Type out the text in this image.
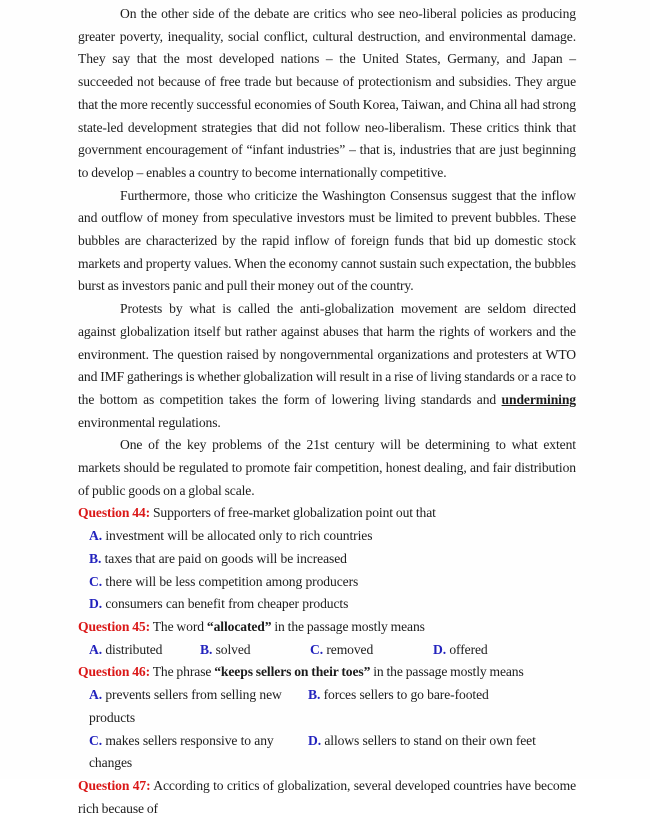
On the other side of the debate are critics who see neo-liberal policies as producing greater poverty, inequality, social conflict, cultural destruction, and environmental damage. They say that the most developed nations – the United States, Germany, and Japan – succeeded not because of free trade but because of protectionism and subsidies. They argue that the more recently successful economies of South Korea, Taiwan, and China all had strong state-led development strategies that did not follow neo-liberalism. These critics think that government encouragement of “infant industries” – that is, industries that are just beginning to develop – enables a country to become internationally competitive.

Furthermore, those who criticize the Washington Consensus suggest that the inflow and outflow of money from speculative investors must be limited to prevent bubbles. These bubbles are characterized by the rapid inflow of foreign funds that bid up domestic stock markets and property values. When the economy cannot sustain such expectation, the bubbles burst as investors panic and pull their money out of the country.

Protests by what is called the anti-globalization movement are seldom directed against globalization itself but rather against abuses that harm the rights of workers and the environment. The question raised by nongovernmental organizations and protesters at WTO and IMF gatherings is whether globalization will result in a rise of living standards or a race to the bottom as competition takes the form of lowering living standards and undermining environmental regulations.

One of the key problems of the 21st century will be determining to what extent markets should be regulated to promote fair competition, honest dealing, and fair distribution of public goods on a global scale.

Question 44: Supporters of free-market globalization point out that

A. investment will be allocated only to rich countries
B. taxes that are paid on goods will be increased
C. there will be less competition among producers
D. consumers can benefit from cheaper products

Question 45: The word “allocated” in the passage mostly means

A. distributed	B. solved	C. removed	D. offered

Question 46: The phrase “keeps sellers on their toes” in the passage mostly means

A. prevents sellers from selling new products
B. forces sellers to go bare-footed
C. makes sellers responsive to any changes
D. allows sellers to stand on their own feet

Question 47: According to critics of globalization, several developed countries have become rich because of
